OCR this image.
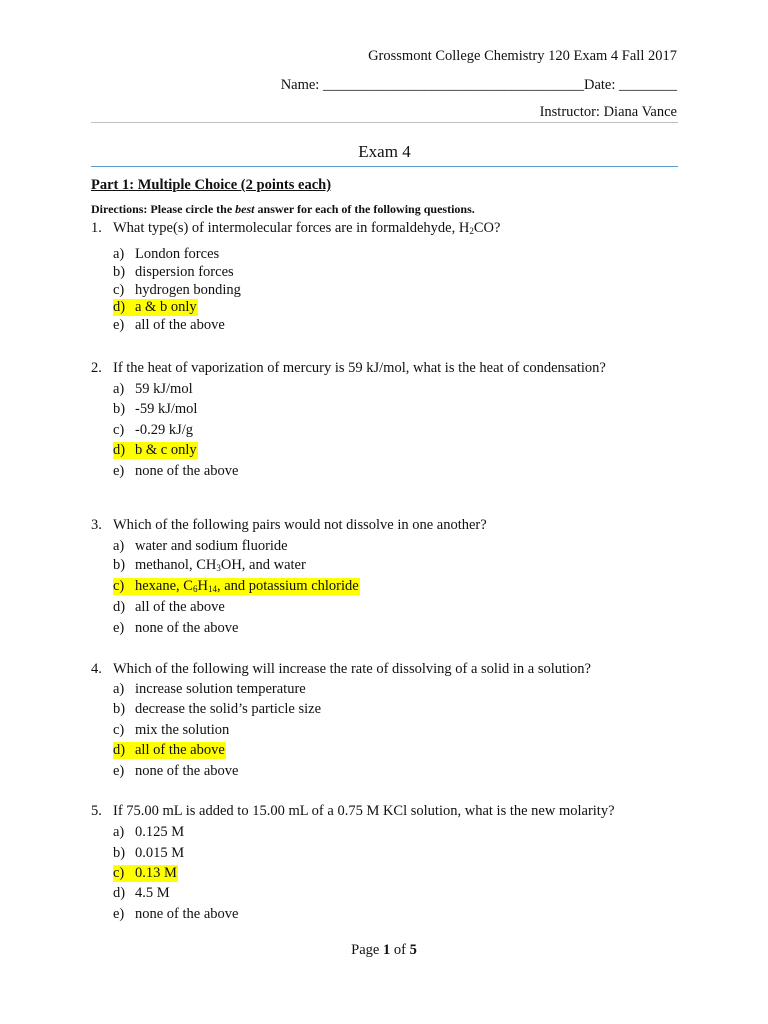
Grossmont College Chemistry 120 Exam 4 Fall 2017
Name: ____________________________________Date: ________
Instructor: Diana Vance
Exam 4
Part 1: Multiple Choice (2 points each)
Directions: Please circle the best answer for each of the following questions.
1. What type(s) of intermolecular forces are in formaldehyde, $H_2CO$?
a) London forces
b) dispersion forces
c) hydrogen bonding
d) a & b only
e) all of the above
2. If the heat of vaporization of mercury is 59 kJ/mol, what is the heat of condensation?
a) 59 kJ/mol
b) -59 kJ/mol
c) -0.29 kJ/g
d) b & c only
e) none of the above
3. Which of the following pairs would not dissolve in one another?
a) water and sodium fluoride
b) methanol, $CH_3OH$, and water
c) hexane, $C_6H_{14}$, and potassium chloride
d) all of the above
e) none of the above
4. Which of the following will increase the rate of dissolving of a solid in a solution?
a) increase solution temperature
b) decrease the solid’s particle size
c) mix the solution
d) all of the above
e) none of the above
5. If 75.00 mL is added to 15.00 mL of a 0.75 M KCl solution, what is the new molarity?
a) 0.125 M
b) 0.015 M
c) 0.13 M
d) 4.5 M
e) none of the above
Page 1 of 5
